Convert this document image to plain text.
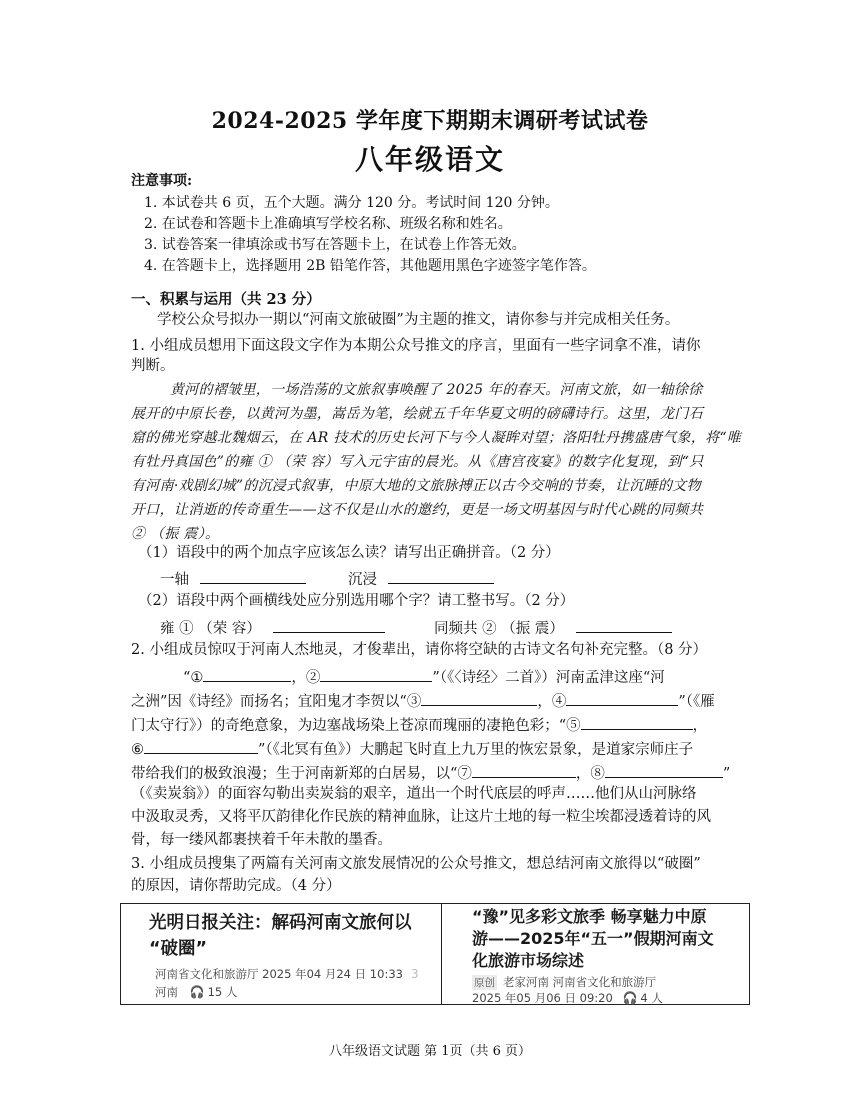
2024-2025 学年度下期期末调研考试试卷
八年级语文
注意事项:
1. 本试卷共 6 页，五个大题。满分 120 分。考试时间 120 分钟。
2. 在试卷和答题卡上准确填写学校名称、班级名称和姓名。
3. 试卷答案一律填涂或书写在答题卡上，在试卷上作答无效。
4. 在答题卡上，选择题用 2B 铅笔作答，其他题用黑色字迹签字笔作答。
一、积累与运用（共 23 分）
学校公众号拟办一期以“河南文旅破圈”为主题的推文，请你参与并完成相关任务。
1. 小组成员想用下面这段文字作为本期公众号推文的序言，里面有一些字词拿不准，请你
判断。
黄河的褶皱里，一场浩荡的文旅叙事唤醒了 2025 年的春天。河南文旅，如一轴徐徐
展开的中原长卷，以黄河为墨，嵩岳为笔，绘就五千年华夏文明的磅礴诗行。这里，龙门石
窟的佛光穿越北魏烟云，在 AR 技术的历史长河下与今人凝眸对望；洛阳牡丹携盛唐气象，将“唯
有牡丹真国色”的雍 ① （荣 容）写入元宇宙的晨光。从《唐宫夜宴》的数字化复现，到“只
有河南·戏剧幻城”的沉浸式叙事，中原大地的文旅脉搏正以古今交响的节奏，让沉睡的文物
开口，让消逝的传奇重生——这不仅是山水的邀约，更是一场文明基因与时代心跳的同频共
② （振 震）。
（1）语段中的两个加点字应该怎么读？请写出正确拼音。（2 分）
一轴	沉浸
（2）语段中两个画横线处应分别选用哪个字？请工整书写。（2 分）
雍 ① （荣 容）	同频共 ② （振 震）
2. 小组成员惊叹于河南人杰地灵，才俊辈出，请你将空缺的古诗文名句补充完整。（8 分）
“①	，②	”（《〈诗经〉二首》）河南孟津这座“河
之洲”因《诗经》而扬名；宜阳鬼才李贺以“③	，④	”（《雁
门太守行》）的奇绝意象，为边塞战场染上苍凉而瑰丽的凄艳色彩；“⑤	，
⑥	”（《北冥有鱼》）大鹏起飞时直上九万里的恢宏景象，是道家宗师庄子
带给我们的极致浪漫；生于河南新郑的白居易，以“⑦	，⑧	”
（《卖炭翁》）的面容勾勒出卖炭翁的艰辛，道出一个时代底层的呼声……他们从山河脉络
中汲取灵秀，又将平仄韵律化作民族的精神血脉，让这片土地的每一粒尘埃都浸透着诗的风
骨，每一缕风都裹挟着千年未散的墨香。
光明日报关注：解码河南文旅何以
“破圈”
河南省文化和旅游厅 2025 年04 月24 日 10:33 3
河南 🎧 15 人
“豫”见多彩文旅季 畅享魅力中原
游——2025年“五一”假期河南文
化旅游市场综述
原创 老家河南 河南省文化和旅游厅
2025 年05 月06 日 09:20 🎧 4 人
八年级语文试题 第 1页（共 6 页）
3. 小组成员搜集了两篇有关河南文旅发展情况的公众号推文，想总结河南文旅得以“破圈”
的原因，请你帮助完成。（4 分）
